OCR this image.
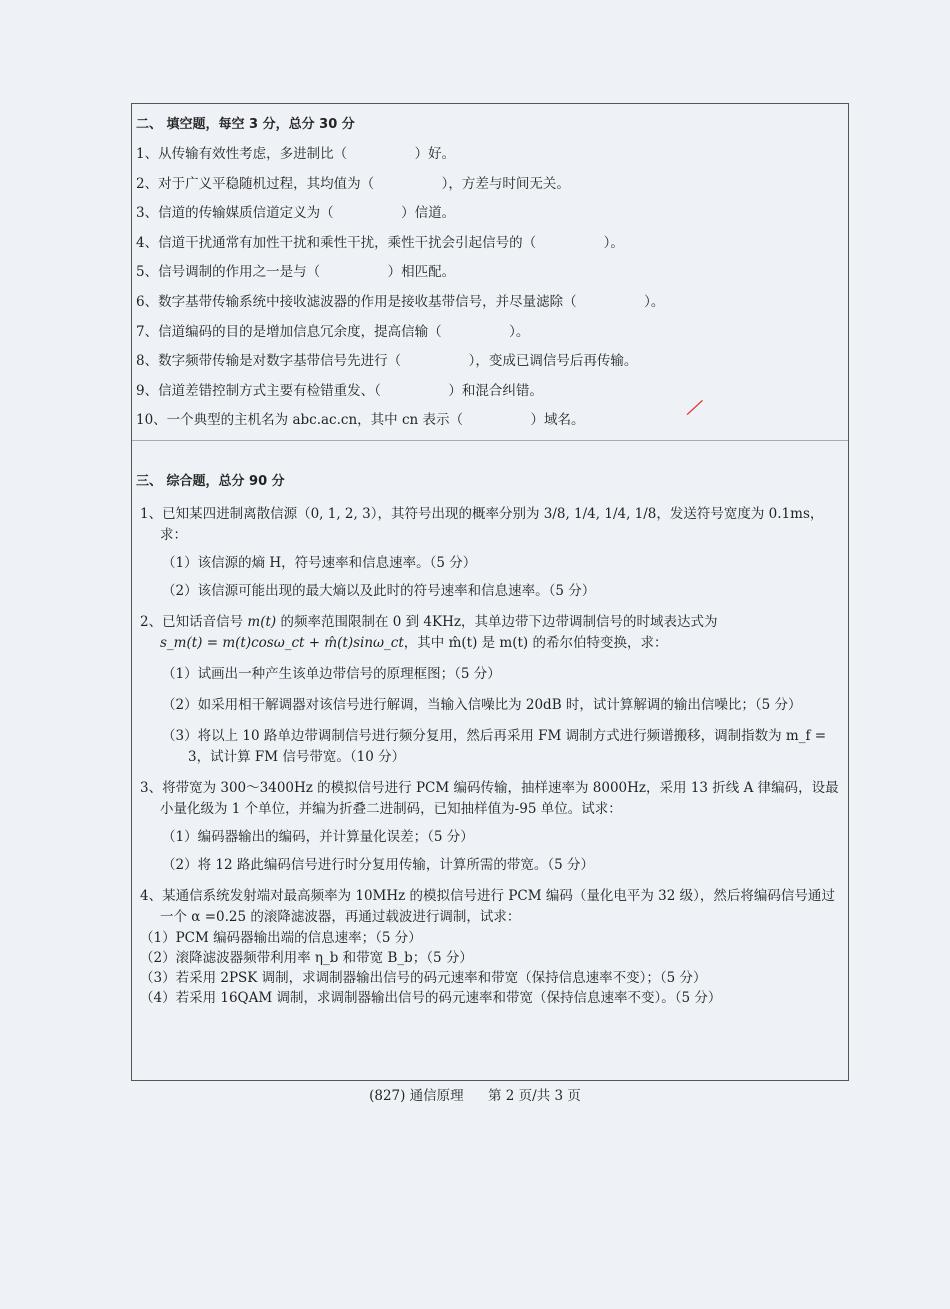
二、 填空题，每空 3 分，总分 30 分
1、从传输有效性考虑，多进制比（　　　　　）好。
2、对于广义平稳随机过程，其均值为（　　　　　），方差与时间无关。
3、信道的传输媒质信道定义为（　　　　　）信道。
4、信道干扰通常有加性干扰和乘性干扰，乘性干扰会引起信号的（　　　　　）。
5、信号调制的作用之一是与（　　　　　）相匹配。
6、数字基带传输系统中接收滤波器的作用是接收基带信号，并尽量滤除（　　　　　）。
7、信道编码的目的是增加信息冗余度，提高信输（　　　　　）。
8、数字频带传输是对数字基带信号先进行（　　　　　），变成已调信号后再传输。
9、信道差错控制方式主要有检错重发、（　　　　　）和混合纠错。
10、一个典型的主机名为 abc.ac.cn，其中 cn 表示（　　　　　）域名。
三、 综合题，总分 90 分
1、已知某四进制离散信源（0, 1, 2, 3），其符号出现的概率分别为 3/8, 1/4, 1/4, 1/8，发送符号宽度为 0.1ms，求：
（1）该信源的熵 H，符号速率和信息速率。（5 分）
（2）该信源可能出现的最大熵以及此时的符号速率和信息速率。（5 分）
2、已知话音信号 m(t) 的频率范围限制在 0 到 4KHz，其单边带下边带调制信号的时域表达式为
s_m(t) = m(t)cosω_ct + m̂(t)sinω_ct，其中 m̂(t) 是 m(t) 的希尔伯特变换，求：
（1）试画出一种产生该单边带信号的原理框图；（5 分）
（2）如采用相干解调器对该信号进行解调，当输入信噪比为 20dB 时，试计算解调的输出信噪比；（5 分）
（3）将以上 10 路单边带调制信号进行频分复用，然后再采用 FM 调制方式进行频谱搬移，调制指数为 m_f = 3，试计算 FM 信号带宽。（10 分）
3、将带宽为 300～3400Hz 的模拟信号进行 PCM 编码传输，抽样速率为 8000Hz，采用 13 折线 A 律编码，设最小量化级为 1 个单位，并编为折叠二进制码，已知抽样值为-95 单位。试求：
（1）编码器输出的编码，并计算量化误差；（5 分）
（2）将 12 路此编码信号进行时分复用传输，计算所需的带宽。（5 分）
4、某通信系统发射端对最高频率为 10MHz 的模拟信号进行 PCM 编码（量化电平为 32 级），然后将编码信号通过一个 α =0.25 的滚降滤波器，再通过载波进行调制，试求：
（1）PCM 编码器输出端的信息速率；（5 分）
（2）滚降滤波器频带利用率 η_b 和带宽 B_b；（5 分）
（3）若采用 2PSK 调制，求调制器输出信号的码元速率和带宽（保持信息速率不变）；（5 分）
（4）若采用 16QAM 调制，求调制器输出信号的码元速率和带宽（保持信息速率不变）。（5 分）
╱
(827) 通信原理 第 2 页/共 3 页
